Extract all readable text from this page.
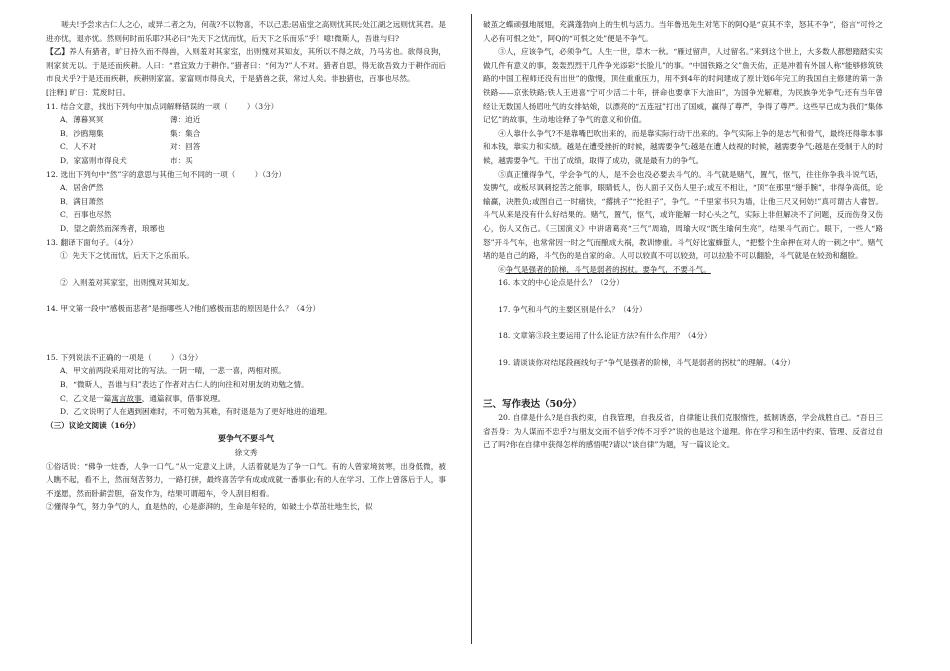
嗟夫!予尝求古仁人之心，或异二者之为，何哉?不以物喜，不以己悲;居庙堂之高则忧其民;处江湖之远则忧其君。是进亦忧，退亦忧。然则何时而乐耶?其必曰“先天下之忧而忧，后天下之乐而乐”乎！噫!微斯人，吾谁与归?

【乙】养人有猎者，旷日持久而不得兽，入则羞对其家室，出则愧对其知友，其所以不得之故，乃马劣也。欲得良狗，则家贫无以。于是还而疾耕。人曰：“君宜致力于耕作。”猎者曰：“何为?”人不对。猎者自思，得无欲吾致力于耕作而后市良犬乎?于是还而疾耕，疾耕则家富。家富则市得良犬，于是猎兽之获，常过人矣。非独猎也，百事也尽然。

[注释] 旷日：荒废时日。

11. 结合文意，找出下列句中加点词解释错误的一项（        ）（3分）

A．薄暮冥冥	薄：迫近
B．沙鸥翔集	集：集合
C．人不对	对：回答
D．家富则市得良犬	市：买

12. 选出下列句中“然”字的意思与其他三句不同的一项（        ）（3分）

A．居舍俨然

B．满目萧然

C．百事也尽然

D．望之蔚然而深秀者，琅琊也

13. 翻译下面句子。（4分）

①  先天下之忧而忧，后天下之乐而乐。

②  入则羞对其家室，出则愧对其知友。

14. 甲文第一段中“感极而悲者”是指哪些人?他们感极而悲的原因是什么？（4分）

15. 下列说法不正确的一项是（        ）（3分）

A．甲文前两段采用对比的写法。一阴一晴，一悲一喜，两相对照。

B．“微斯人，吾谁与归”表达了作者对古仁人的向往和对朋友的劝勉之情。

C．乙文是一篇寓言故事，通篇叙事，借事说理。

D．乙文说明了人在遇到困难时，不可勉为其难，有时退是为了更好地进的道理。

（三）议论文阅读（16分）

要争气不要斗气

徐文秀

①俗话说：“佛争一炷香，人争一口气。”从一定意义上讲，人活着就是为了争一口气。有的人曾家境贫寒，出身低微，被人瞧不起，看不上，然而刻苦努力，一路打拼，最终喜苦学有成或成就一番事业;有的人在学习、工作上曾落后于人，事不遂愿，然而卧薪尝胆，奋发作为，结果可谓超车，令人刮目相看。

②懂得争气，努力争气的人，血是热的，心是澎湃的，生命是年轻的，如破土小草茁壮地生长，似

破茧之蝶顽强地展翅，充满蓬勃向上的生机与活力。当年鲁迅先生对笔下的阿Q是“哀其不幸，怒其不争”，俗言“可怜之人必有可恨之处”，阿Q的“可恨之处”便是不争气。

③人，应该争气，必须争气。人生一世，草木一秋。“雁过留声，人过留名。”来到这个世上，大多数人都想踏踏实实做几件有意义的事，轰轰烈烈干几件争光添彩“长脸儿”的事。“中国铁路之父”詹天佑，正是冲着有外国人称“能够修筑铁路的中国工程师还没有出世”的傲慢，顶住重重压力，用不到4年的时间建成了原计划6年完工的我国自主修建的第一条铁路——京张铁路;铁人王进喜“宁可少活二十年，拼命也要拿下大油田”，为国争光解难，为民族争光争气;还有当年曾经让无数国人扬眉吐气的女排姑娘，以漂亮的“五连冠”打出了国威，赢得了尊严，争得了尊严。这些早已成为我们“集体记忆”的故事，生动地诠释了争气的意义和价值。

④人靠什么争气?不是靠嘴巴吹出来的，而是靠实际行动干出来的。争气实际上争的是志气和骨气，最终还得靠本事和本钱，靠实力和实绩。越是在遭受挫折的时候，越需要争气;越是在遭人歧视的时候，越需要争气;越是在受制于人的时候，越需要争气。干出了成绩，取得了成功，就是最有力的争气。

⑤真正懂得争气，学会争气的人，是不会也没必要去斗气的。斗气就是赌气，置气，怄气，往往你争我斗说气话，发脾气，或板尽讽刺挖苦之能事，眼睛低人，伤人面子又伤人里子;或互不相让，“顶”在那里“掰手腕”，非得争高低，论输赢，决胜负;或图自己一时痛快，“撂挑子”“抡担子”，争气。“千里家书只为墙，让他三尺又何妨!”真可谓古人睿智。斗气从来是没有什么好结果的。赌气，置气，怄气，或许能解一时心头之气，实际上非但解决不了问题，反而伤身又伤心，伤人又伤己。《三国演义》中讲诸葛亮“三气”周瑜，周瑜大叹“既生瑜何生亮”，结果斗气而亡。眼下，一些人“路怒”开斗气车，也常常因一时之气而酿成大祸，教训惨重。斗气好比蜜蜂蜇人，“把整个生命押在对人的一刺之中”。赌气堵的是自己的路，斗气伤的是自家的命。人可以较真不可以较劲，可以拉脸不可以翻脸，斗气就是在较劲和翻脸。

⑥争气是强者的阶梯，斗气是弱者的拐杖。要争气，不要斗气。

16. 本文的中心论点是什么？（2分）

17. 争气和斗气的主要区别是什么？（4分）

18. 文章第③段主要运用了什么论证方法?有什么作用？（4分）

19. 请谈谈你对结尾段画线句子“争气是强者的阶梯，斗气是弱者的拐杖”的理解。（4分）

三、写作表达（50分）

20. 自律是什么?是自我约束，自我管理，自我反省，自律能让我们克服惰性，抵制诱惑，学会战胜自己。“吾日三省吾身：为人谋而不忠乎?与朋友交而不信乎?传不习乎?”说的也是这个道理。你在学习和生活中约束、管理、反省过自己了吗?你在自律中获得怎样的感悟呢?请以“谈自律”为题，写一篇议论文。
